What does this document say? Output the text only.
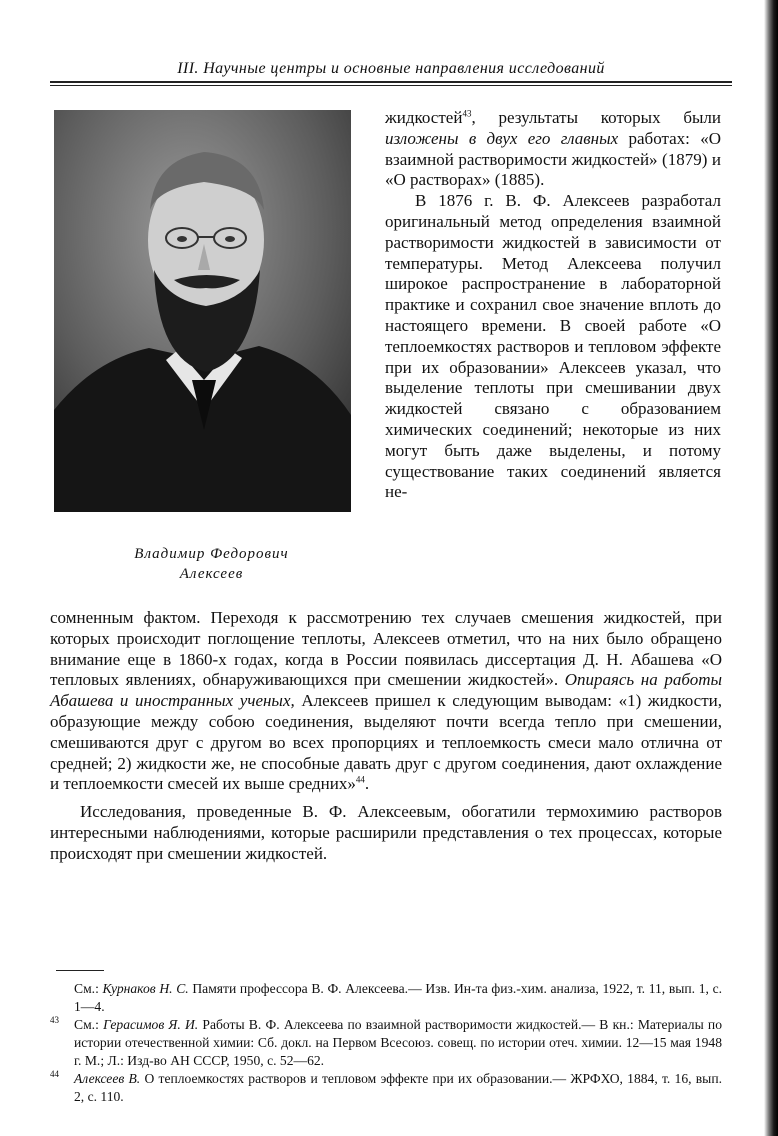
III. Научные центры и основные направления исследований
Владимир Федорович
Алексеев

жидкостей$^{43}$, результаты которых были изложены в двух его главных работах: «О взаимной растворимости жидкостей» (1879) и «О растворах» (1885).

В 1876 г. В. Ф. Алексеев разработал оригинальный метод определения взаимной растворимости жидкостей в зависимости от температуры. Метод Алексеева получил широкое распространение в лабораторной практике и сохранил свое значение вплоть до настоящего времени. В своей работе «О теплоемкостях растворов и тепловом эффекте при их образовании» Алексеев указал, что выделение теплоты при смешивании двух жидкостей связано с образованием химических соединений; некоторые из них могут быть даже выделены, и потому существование таких соединений является не-

сомненным фактом. Переходя к рассмотрению тех случаев смешения жидкостей, при которых происходит поглощение теплоты, Алексеев отметил, что на них было обращено внимание еще в 1860-х годах, когда в России появилась диссертация Д. Н. Абашева «О тепловых явлениях, обнаруживающихся при смешении жидкостей». Опираясь на работы Абашева и иностранных ученых, Алексеев пришел к следующим выводам: «1) жидкости, образующие между собою соединения, выделяют почти всегда тепло при смешении, смешиваются друг с другом во всех пропорциях и теплоемкость смеси мало отлична от средней; 2) жидкости же, не способные давать друг с другом соединения, дают охлаждение и теплоемкости смесей их выше средних»$^{44}$.

Исследования, проведенные В. Ф. Алексеевым, обогатили термохимию растворов интересными наблюдениями, которые расширили представления о тех процессах, которые происходят при смешении жидкостей.

См.: Курнаков Н. С. Памяти профессора В. Ф. Алексеева.— Изв. Ин-та физ.-хим. анализа, 1922, т. 11, вып. 1, с. 1—4.
43 См.: Герасимов Я. И. Работы В. Ф. Алексеева по взаимной растворимости жидкостей.— В кн.: Материалы по истории отечественной химии: Сб. докл. на Первом Всесоюз. совещ. по истории отеч. химии. 12—15 мая 1948 г. М.; Л.: Изд-во АН СССР, 1950, с. 52—62.
44 Алексеев В. О теплоемкостях растворов и тепловом эффекте при их образовании.— ЖРФХО, 1884, т. 16, вып. 2, с. 110.
